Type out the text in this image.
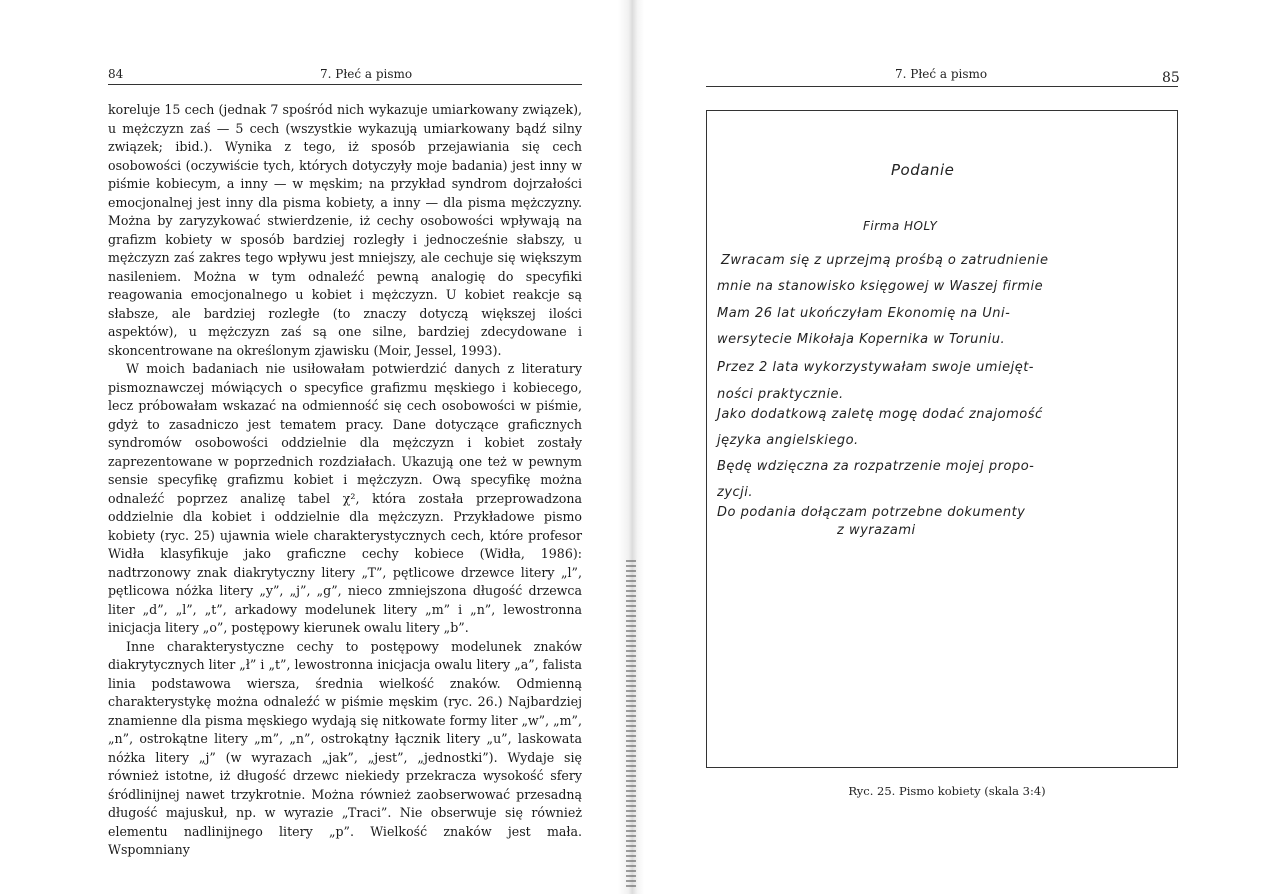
84	7. Płeć a pismo

koreluje 15 cech (jednak 7 spośród nich wykazuje umiarkowany związek), u mężczyzn zaś — 5 cech (wszystkie wykazują umiarkowany bądź silny związek; ibid.). Wynika z tego, iż sposób przejawiania się cech osobowości (oczywiście tych, których dotyczyły moje badania) jest inny w piśmie kobiecym, a inny — w męskim; na przykład syndrom dojrzałości emocjonalnej jest inny dla pisma kobiety, a inny — dla pisma mężczyzny. Można by zaryzykować stwierdzenie, iż cechy osobowości wpływają na grafizm kobiety w sposób bardziej rozległy i jednocześnie słabszy, u mężczyzn zaś zakres tego wpływu jest mniejszy, ale cechuje się większym nasileniem. Można w tym odnaleźć pewną analogię do specyfiki reagowania emocjonalnego u kobiet i mężczyzn. U kobiet reakcje są słabsze, ale bardziej rozległe (to znaczy dotyczą większej ilości aspektów), u mężczyzn zaś są one silne, bardziej zdecydowane i skoncentrowane na określonym zjawisku (Moir, Jessel, 1993).

W moich badaniach nie usiłowałam potwierdzić danych z literatury pismoznawczej mówiących o specyfice grafizmu męskiego i kobiecego, lecz próbowałam wskazać na odmienność się cech osobowości w piśmie, gdyż to zasadniczo jest tematem pracy. Dane dotyczące graficznych syndromów osobowości oddzielnie dla mężczyzn i kobiet zostały zaprezentowane w poprzednich rozdziałach. Ukazują one też w pewnym sensie specyfikę grafizmu kobiet i mężczyzn. Ową specyfikę można odnaleźć poprzez analizę tabel χ², która została przeprowadzona oddzielnie dla kobiet i oddzielnie dla mężczyzn. Przykładowe pismo kobiety (ryc. 25) ujawnia wiele charakterystycznych cech, które profesor Widła klasyfikuje jako graficzne cechy kobiece (Widła, 1986): nadtrzonowy znak diakrytyczny litery „T”, pętlicowe drzewce litery „l”, pętlicowa nóżka litery „y”, „j”, „g”, nieco zmniejszona długość drzewca liter „d”, „l”, „t”, arkadowy modelunek litery „m” i „n”, lewostronna inicjacja litery „o”, postępowy kierunek owalu litery „b”.

Inne charakterystyczne cechy to postępowy modelunek znaków diakrytycznych liter „ł” i „t”, lewostronna inicjacja owalu litery „a”, falista linia podstawowa wiersza, średnia wielkość znaków. Odmienną charakterystykę można odnaleźć w piśmie męskim (ryc. 26.) Najbardziej znamienne dla pisma męskiego wydają się nitkowate formy liter „w”, „m”, „n”, ostrokątne litery „m”, „n”, ostrokątny łącznik litery „u”, laskowata nóżka litery „j” (w wyrazach „jak”, „jest”, „jednostki”). Wydaje się również istotne, iż długość drzewc niekiedy przekracza wysokość sfery śródlinijnej nawet trzykrotnie. Można również zaobserwować przesadną długość majuskuł, np. w wyrazie „Traci”. Nie obserwuje się również elementu nadlinijnego litery „p”. Wielkość znaków jest mała. Wspomniany

7. Płeć a pismo	85
Ryc. 25. Pismo kobiety (skala 3:4)
Podanie
Firma HOLY
Zwracam się z uprzejmą prośbą o zatrudnienie
mnie na stanowisko księgowej w Waszej firmie
Mam 26 lat ukończyłam Ekonomię na Uni-
wersytecie Mikołaja Kopernika w Toruniu.
Przez 2 lata wykorzystywałam swoje umiejęt-
ności praktycznie.
Jako dodatkową zaletę mogę dodać znajomość
języka angielskiego.
Będę wdzięczna za rozpatrzenie mojej propo-
zycji.
Do podania dołączam potrzebne dokumenty
z wyrazami
